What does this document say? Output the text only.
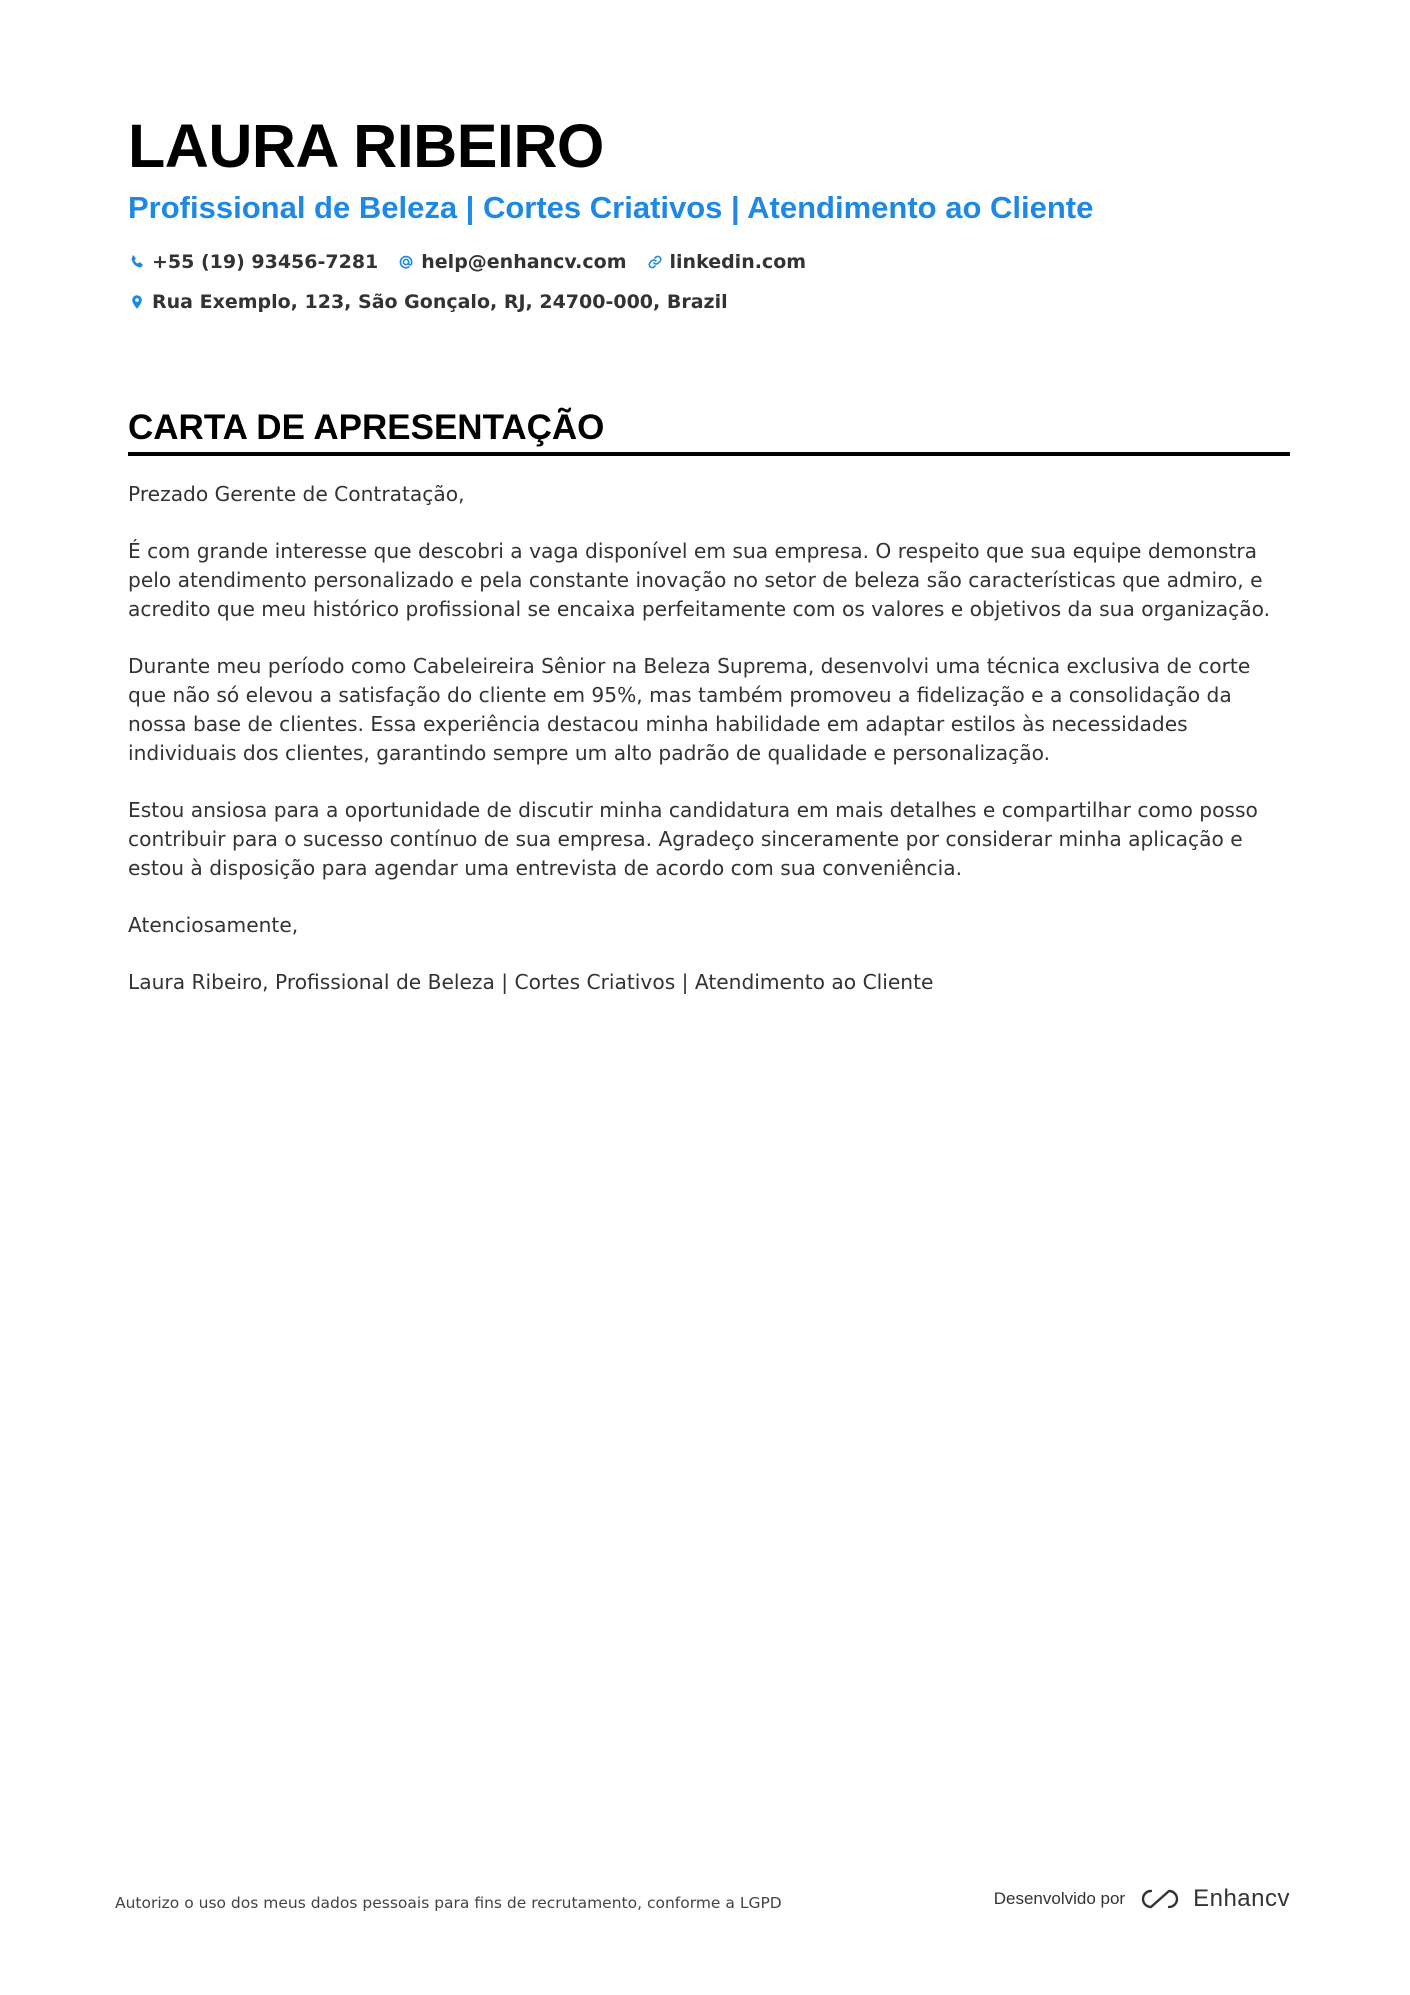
LAURA RIBEIRO
Profissional de Beleza | Cortes Criativos | Atendimento ao Cliente
+55 (19) 93456-7281 help@enhancv.com linkedin.com
Rua Exemplo, 123, São Gonçalo, RJ, 24700-000, Brazil
CARTA DE APRESENTAÇÃO

Prezado Gerente de Contratação,

É com grande interesse que descobri a vaga disponível em sua empresa. O respeito que sua equipe demonstra pelo atendimento personalizado e pela constante inovação no setor de beleza são características que admiro, e acredito que meu histórico profissional se encaixa perfeitamente com os valores e objetivos da sua organização.

Durante meu período como Cabeleireira Sênior na Beleza Suprema, desenvolvi uma técnica exclusiva de corte que não só elevou a satisfação do cliente em 95%, mas também promoveu a fidelização e a consolidação da nossa base de clientes. Essa experiência destacou minha habilidade em adaptar estilos às necessidades individuais dos clientes, garantindo sempre um alto padrão de qualidade e personalização.

Estou ansiosa para a oportunidade de discutir minha candidatura em mais detalhes e compartilhar como posso contribuir para o sucesso contínuo de sua empresa. Agradeço sinceramente por considerar minha aplicação e estou à disposição para agendar uma entrevista de acordo com sua conveniência.

Atenciosamente,

Laura Ribeiro, Profissional de Beleza | Cortes Criativos | Atendimento ao Cliente

Autorizo o uso dos meus dados pessoais para fins de recrutamento, conforme a LGPD	Desenvolvido por	Enhancv
